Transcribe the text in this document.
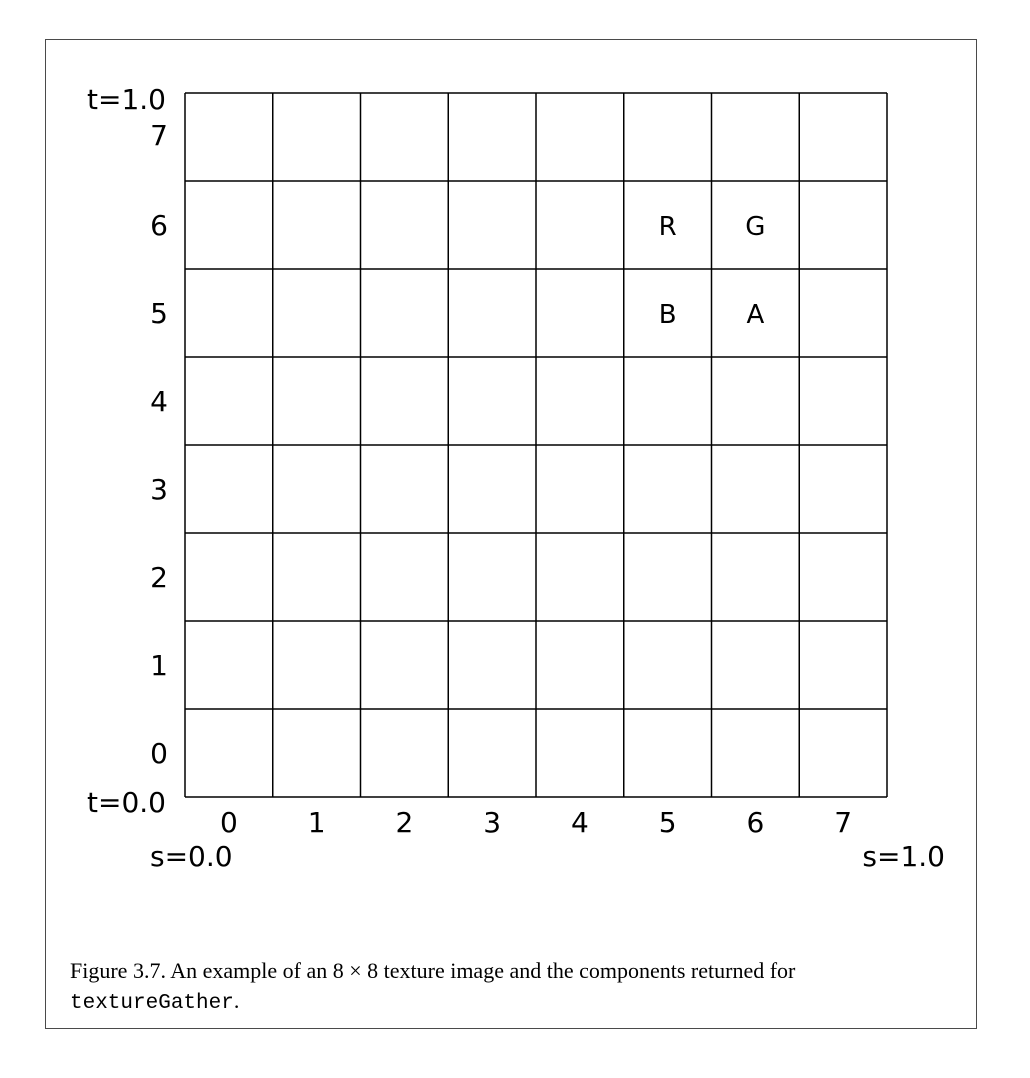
0
1
2
3
4
5
6
7
0 1 2 3 4 5 6 7
R	G
B	A
t=1.0
t=0.0
s=0.0	s=1.0
Figure 3.7. An example of an 8 × 8 texture image and the components returned for textureGather.
